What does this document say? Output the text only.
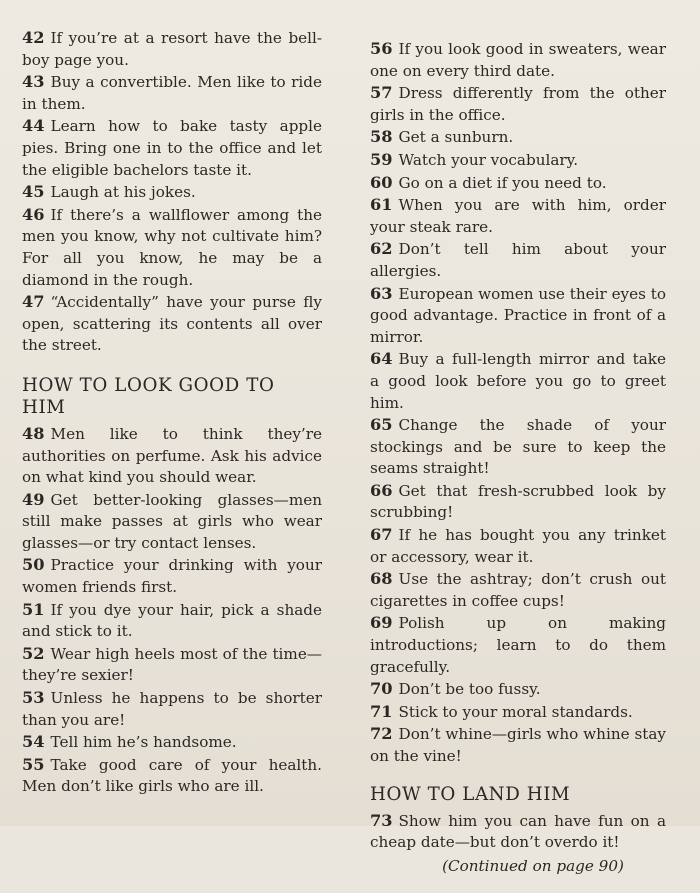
42 If you’re at a resort have the bell-boy page you.

43 Buy a convertible. Men like to ride in them.

44 Learn how to bake tasty apple pies. Bring one in to the office and let the eligible bachelors taste it.

45 Laugh at his jokes.

46 If there’s a wallflower among the men you know, why not cultivate him? For all you know, he may be a diamond in the rough.

47 “Accidentally” have your purse fly open, scattering its contents all over the street.

HOW TO LOOK GOOD TO HIM

48 Men like to think they’re authorities on perfume. Ask his advice on what kind you should wear.

49 Get better-looking glasses—men still make passes at girls who wear glasses—or try contact lenses.

50 Practice your drinking with your women friends first.

51 If you dye your hair, pick a shade and stick to it.

52 Wear high heels most of the time—they’re sexier!

53 Unless he happens to be shorter than you are!

54 Tell him he’s handsome.

55 Take good care of your health. Men don’t like girls who are ill.

56 If you look good in sweaters, wear one on every third date.

57 Dress differently from the other girls in the office.

58 Get a sunburn.

59 Watch your vocabulary.

60 Go on a diet if you need to.

61 When you are with him, order your steak rare.

62 Don’t tell him about your allergies.

63 European women use their eyes to good advantage. Practice in front of a mirror.

64 Buy a full-length mirror and take a good look before you go to greet him.

65 Change the shade of your stockings and be sure to keep the seams straight!

66 Get that fresh-scrubbed look by scrubbing!

67 If he has bought you any trinket or accessory, wear it.

68 Use the ashtray; don’t crush out cigarettes in coffee cups!

69 Polish up on making introductions; learn to do them gracefully.

70 Don’t be too fussy.

71 Stick to your moral standards.

72 Don’t whine—girls who whine stay on the vine!

HOW TO LAND HIM

73 Show him you can have fun on a cheap date—but don’t overdo it!

(Continued on page 90)
